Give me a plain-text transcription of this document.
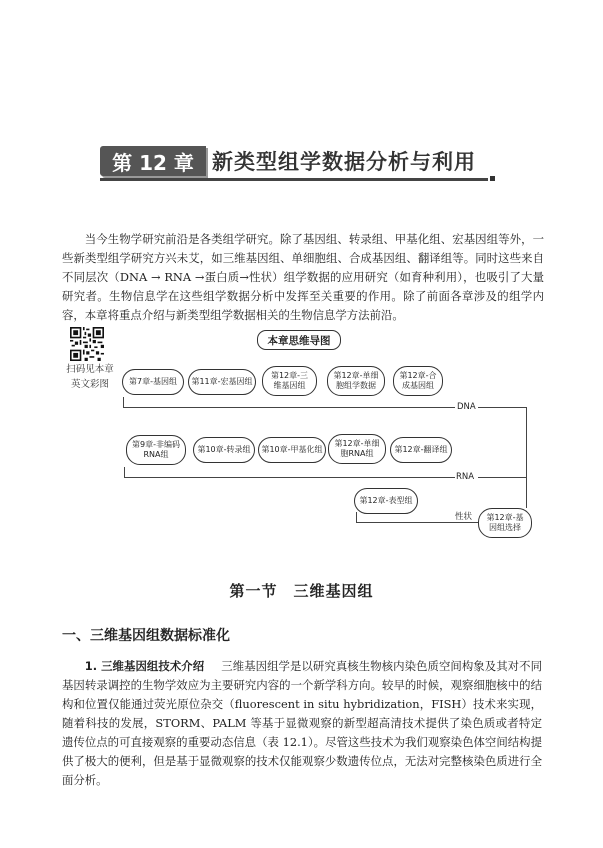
第 12 章 新类型组学数据分析与利用
当今生物学研究前沿是各类组学研究。除了基因组、转录组、甲基化组、宏基因组等外，一些新类型组学研究方兴未艾，如三维基因组、单细胞组、合成基因组、翻译组等。同时这些来自不同层次（DNA → RNA →蛋白质→性状）组学数据的应用研究（如育种利用），也吸引了大量研究者。生物信息学在这些组学数据分析中发挥至关重要的作用。除了前面各章涉及的组学内容，本章将重点介绍与新类型组学数据相关的生物信息学方法前沿。
扫码见本章
英文彩图
本章思维导图
第7章-基因组	第11章-宏基因组
第12章-三维基因组
第12章-单细胞组学数据
第12章-合成基因组
第9章-非编码RNA组
第10章-转录组	第10章-甲基化组
第12章-单细胞RNA组	第12章-翻译组
第12章-表型组
第12章-基因组选择
DNA
RNA
性状
第一节　三维基因组
一、三维基因组数据标准化
1. 三维基因组技术介绍 三维基因组学是以研究真核生物核内染色质空间构象及其对不同基因转录调控的生物学效应为主要研究内容的一个新学科方向。较早的时候，观察细胞核中的结构和位置仅能通过荧光原位杂交（fluorescent in situ hybridization，FISH）技术来实现，随着科技的发展，STORM、PALM 等基于显微观察的新型超高清技术提供了染色质或者特定遗传位点的可直接观察的重要动态信息（表 12.1）。尽管这些技术为我们观察染色体空间结构提供了极大的便利，但是基于显微观察的技术仅能观察少数遗传位点，无法对完整核染色质进行全面分析。
